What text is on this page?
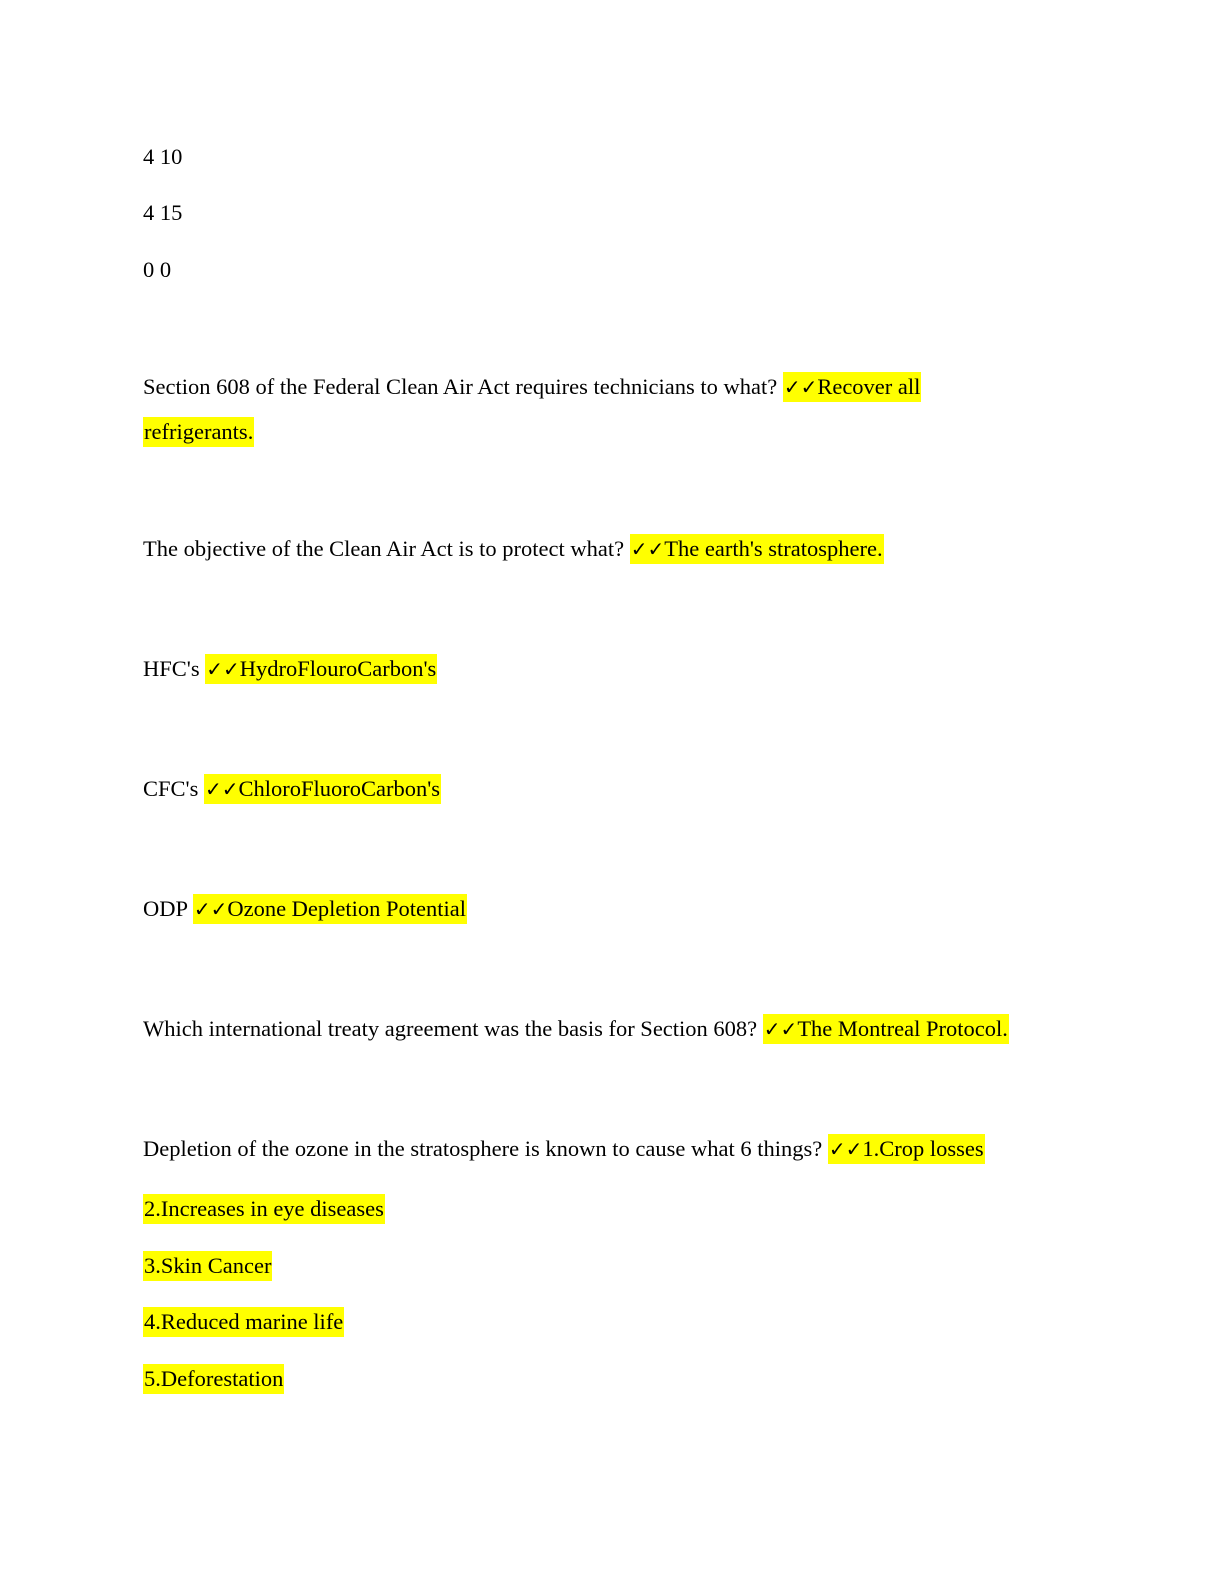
4 10
4 15
0 0
Section 608 of the Federal Clean Air Act requires technicians to what? ✓✓Recover all
refrigerants.
The objective of the Clean Air Act is to protect what? ✓✓The earth's stratosphere.
HFC's ✓✓HydroFlouroCarbon's
CFC's ✓✓ChloroFluoroCarbon's
ODP ✓✓Ozone Depletion Potential
Which international treaty agreement was the basis for Section 608? ✓✓The Montreal Protocol.
Depletion of the ozone in the stratosphere is known to cause what 6 things? ✓✓1.Crop losses
2.Increases in eye diseases
3.Skin Cancer
4.Reduced marine life
5.Deforestation
